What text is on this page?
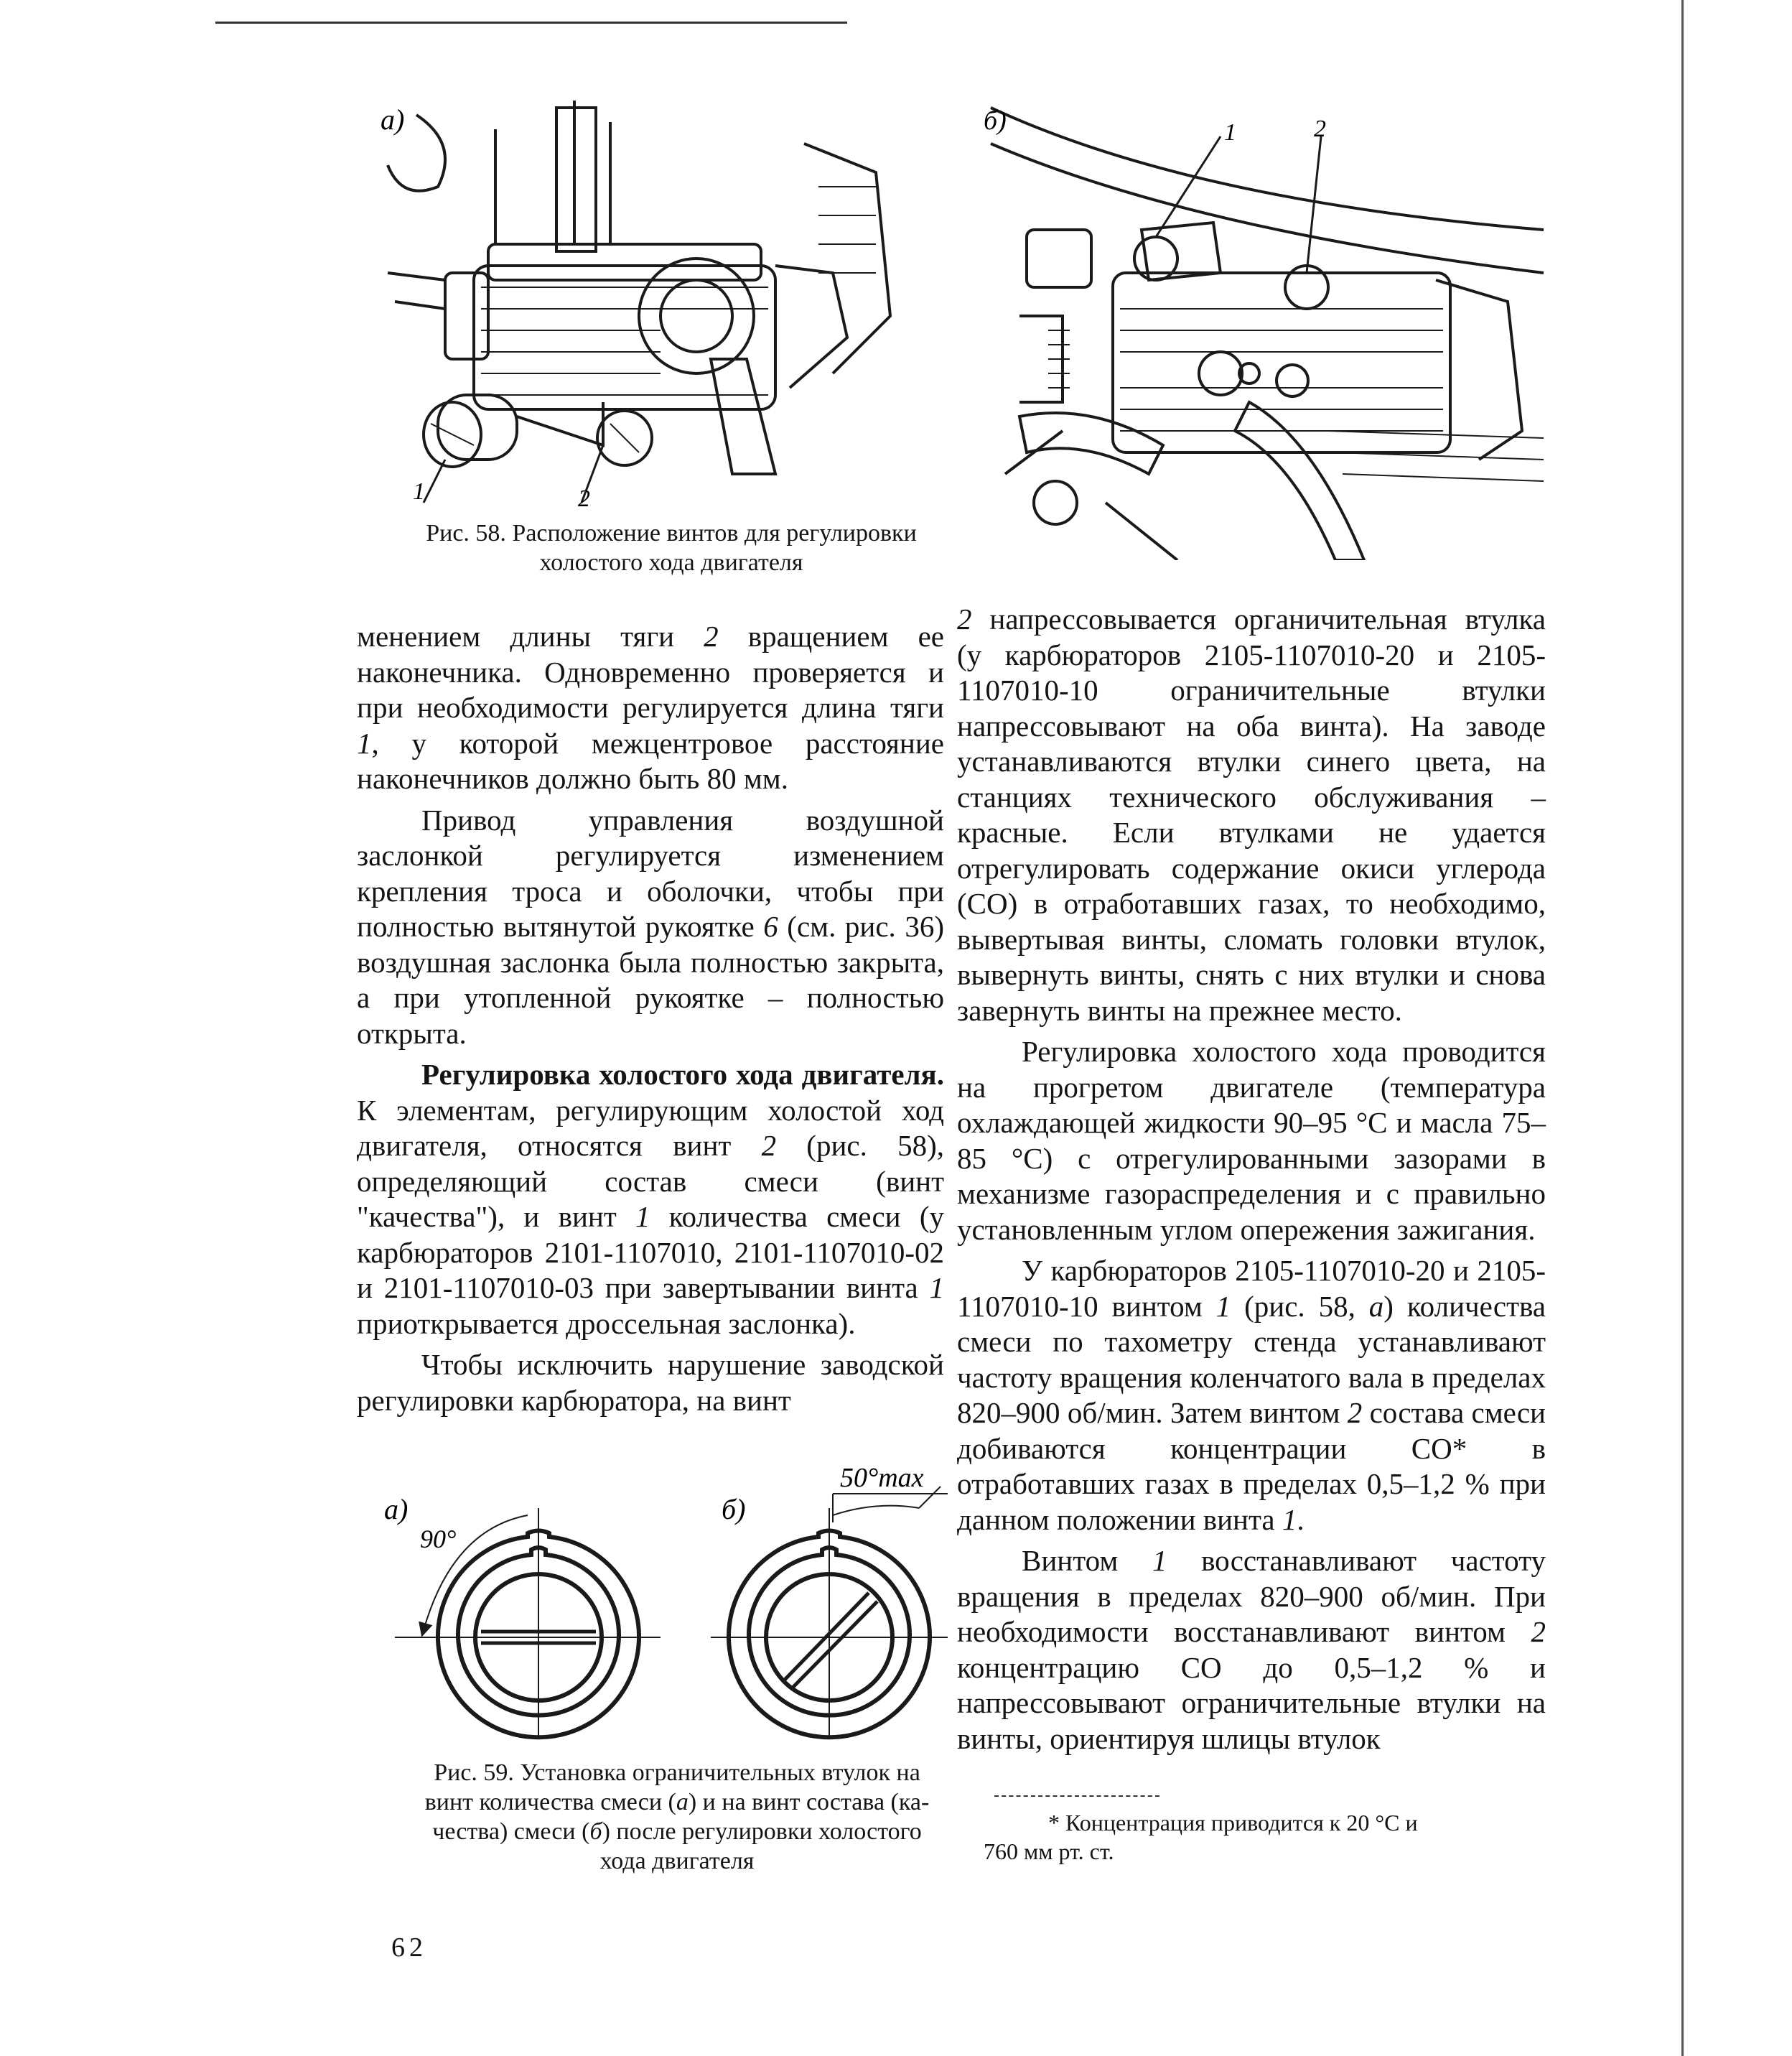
а)
1	2
б)	1	2
Рис. 58. Расположение винтов для регулировки
холостого хода двигателя

менением длины тяги 2 вращением ее наконечника. Одновременно проверяется и при необходимости регулируется длина тяги 1, у которой межцентровое расстояние наконечников должно быть 80 мм.

Привод управления воздушной заслонкой регулируется изменением крепления троса и оболочки, чтобы при полностью вытянутой рукоятке 6 (см. рис. 36) воздушная заслонка была полностью закрыта, а при утопленной рукоятке – полностью открыта.

Регулировка холостого хода двигателя. К элементам, регулирующим холостой ход двигателя, относятся винт 2 (рис. 58), определяющий состав смеси (винт "качества"), и винт 1 количества смеси (у карбюраторов 2101-1107010, 2101-1107010-02 и 2101-1107010-03 при завертывании винта 1 приоткрывается дроссельная заслонка).

Чтобы исключить нарушение заводской регулировки карбюратора, на винт

2 напрессовывается органичительная втулка (у карбюраторов 2105-1107010-20 и 2105-1107010-10 ограничительные втулки напрессовывают на оба винта). На заводе устанавливаются втулки синего цвета, на станциях технического обслуживания – красные. Если втулками не удается отрегулировать содержание окиси углерода (СО) в отработавших газах, то необходимо, вывертывая винты, сломать головки втулок, вывернуть винты, снять с них втулки и снова завернуть винты на прежнее место.

Регулировка холостого хода проводится на прогретом двигателе (температура охлаждающей жидкости 90–95 °С и масла 75–85 °С) с отрегулированными зазорами в механизме газораспределения и с правильно установленным углом опережения зажигания.

У карбюраторов 2105-1107010-20 и 2105-1107010-10 винтом 1 (рис. 58, а) количества смеси по тахометру стенда устанавливают частоту вращения коленчатого вала в пределах 820–900 об/мин. Затем винтом 2 состава смеси добиваются концентрации СО* в отработавших газах в пределах 0,5–1,2 % при данном положении винта 1.

Винтом 1 восстанавливают частоту вращения в пределах 820–900 об/мин. При необходимости восстанавливают винтом 2 концентрацию СО до 0,5–1,2 % и напрессовывают ограничительные втулки на винты, ориентируя шлицы втулок

а)
90°
б)
50°max
Рис. 59. Установка ограничительных втулок на
винт количества смеси (а) и на винт состава (ка-
чества) смеси (б) после регулировки холостого
хода двигателя
* Концентрация приводится к 20 °С и
760 мм рт. ст.
62
